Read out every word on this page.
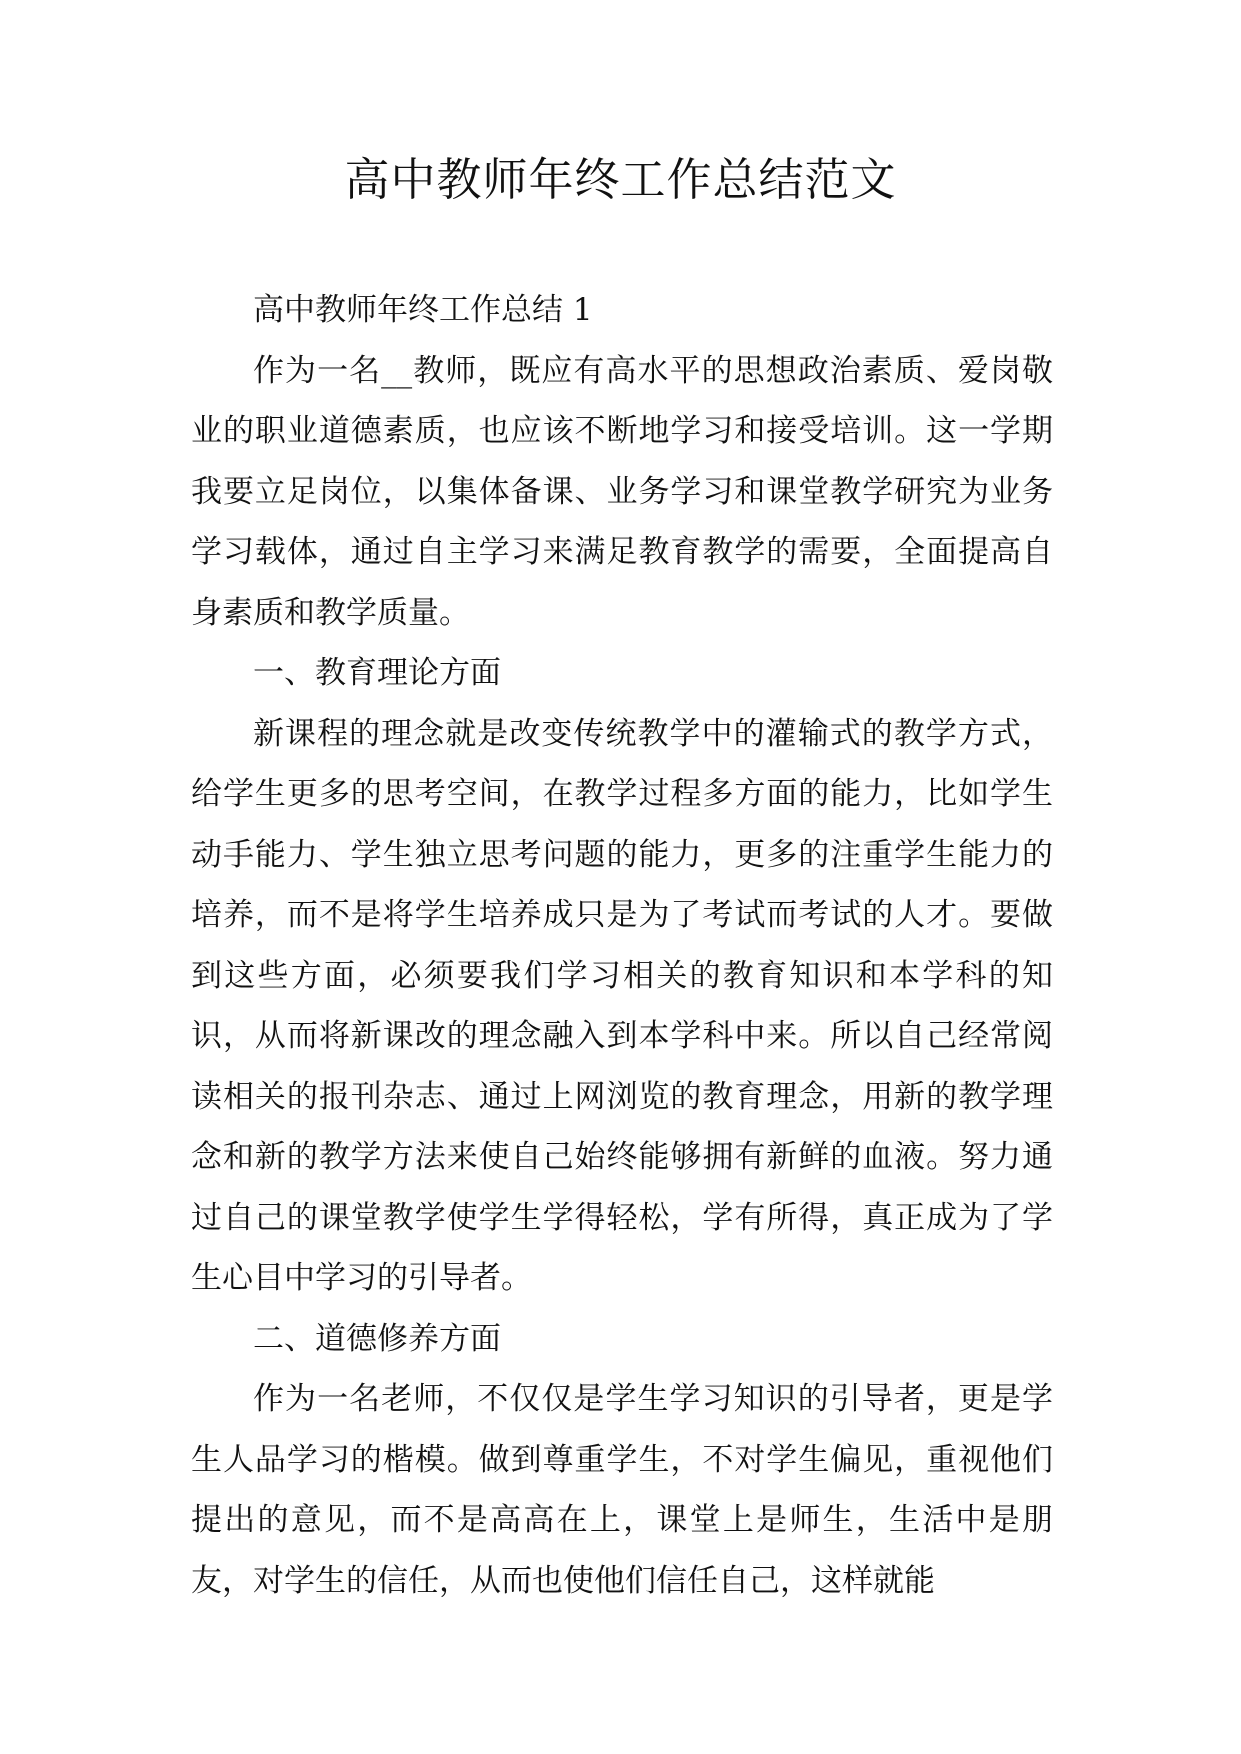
高中教师年终工作总结范文

高中教师年终工作总结 1

作为一名__教师，既应有高水平的思想政治素质、爱岗敬业的职业道德素质，也应该不断地学习和接受培训。这一学期我要立足岗位，以集体备课、业务学习和课堂教学研究为业务学习载体，通过自主学习来满足教育教学的需要，全面提高自身素质和教学质量。

一、教育理论方面

新课程的理念就是改变传统教学中的灌输式的教学方式，给学生更多的思考空间，在教学过程多方面的能力，比如学生动手能力、学生独立思考问题的能力，更多的注重学生能力的培养，而不是将学生培养成只是为了考试而考试的人才。要做到这些方面，必须要我们学习相关的教育知识和本学科的知识，从而将新课改的理念融入到本学科中来。所以自己经常阅读相关的报刊杂志、通过上网浏览的教育理念，用新的教学理念和新的教学方法来使自己始终能够拥有新鲜的血液。努力通过自己的课堂教学使学生学得轻松，学有所得，真正成为了学生心目中学习的引导者。

二、道德修养方面

作为一名老师，不仅仅是学生学习知识的引导者，更是学生人品学习的楷模。做到尊重学生，不对学生偏见，重视他们提出的意见，而不是高高在上，课堂上是师生，生活中是朋友，对学生的信任，从而也使他们信任自己，这样就能
